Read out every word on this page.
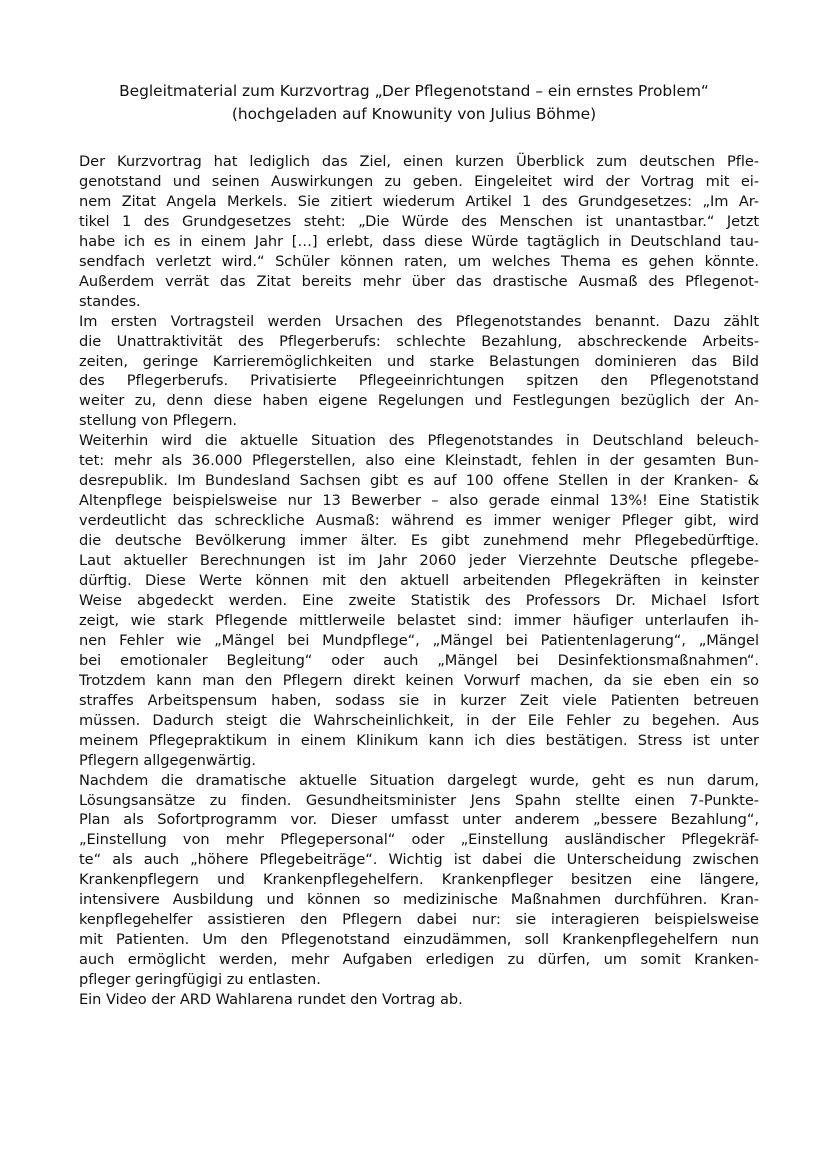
Begleitmaterial zum Kurzvortrag „Der Pflegenotstand – ein ernstes Problem“
(hochgeladen auf Knowunity von Julius Böhme)
Der Kurzvortrag hat lediglich das Ziel, einen kurzen Überblick zum deutschen Pfle-
genotstand und seinen Auswirkungen zu geben. Eingeleitet wird der Vortrag mit ei-
nem Zitat Angela Merkels. Sie zitiert wiederum Artikel 1 des Grundgesetzes: „Im Ar-
tikel 1 des Grundgesetzes steht: „Die Würde des Menschen ist unantastbar.“ Jetzt
habe ich es in einem Jahr […] erlebt, dass diese Würde tagtäglich in Deutschland tau-
sendfach verletzt wird.“ Schüler können raten, um welches Thema es gehen könnte.
Außerdem verrät das Zitat bereits mehr über das drastische Ausmaß des Pflegenot-
standes.
Im ersten Vortragsteil werden Ursachen des Pflegenotstandes benannt. Dazu zählt
die Unattraktivität des Pflegerberufs: schlechte Bezahlung, abschreckende Arbeits-
zeiten, geringe Karrieremöglichkeiten und starke Belastungen dominieren das Bild
des Pflegerberufs. Privatisierte Pflegeeinrichtungen spitzen den Pflegenotstand
weiter zu, denn diese haben eigene Regelungen und Festlegungen bezüglich der An-
stellung von Pflegern.
Weiterhin wird die aktuelle Situation des Pflegenotstandes in Deutschland beleuch-
tet: mehr als 36.000 Pflegerstellen, also eine Kleinstadt, fehlen in der gesamten Bun-
desrepublik. Im Bundesland Sachsen gibt es auf 100 offene Stellen in der Kranken- &
Altenpflege beispielsweise nur 13 Bewerber – also gerade einmal 13%! Eine Statistik
verdeutlicht das schreckliche Ausmaß: während es immer weniger Pfleger gibt, wird
die deutsche Bevölkerung immer älter. Es gibt zunehmend mehr Pflegebedürftige.
Laut aktueller Berechnungen ist im Jahr 2060 jeder Vierzehnte Deutsche pflegebe-
dürftig. Diese Werte können mit den aktuell arbeitenden Pflegekräften in keinster
Weise abgedeckt werden. Eine zweite Statistik des Professors Dr. Michael Isfort
zeigt, wie stark Pflegende mittlerweile belastet sind: immer häufiger unterlaufen ih-
nen Fehler wie „Mängel bei Mundpflege“, „Mängel bei Patientenlagerung“, „Mängel
bei emotionaler Begleitung“ oder auch „Mängel bei Desinfektionsmaßnahmen“.
Trotzdem kann man den Pflegern direkt keinen Vorwurf machen, da sie eben ein so
straffes Arbeitspensum haben, sodass sie in kurzer Zeit viele Patienten betreuen
müssen. Dadurch steigt die Wahrscheinlichkeit, in der Eile Fehler zu begehen. Aus
meinem Pflegepraktikum in einem Klinikum kann ich dies bestätigen. Stress ist unter
Pflegern allgegenwärtig.
Nachdem die dramatische aktuelle Situation dargelegt wurde, geht es nun darum,
Lösungsansätze zu finden. Gesundheitsminister Jens Spahn stellte einen 7-Punkte-
Plan als Sofortprogramm vor. Dieser umfasst unter anderem „bessere Bezahlung“,
„Einstellung von mehr Pflegepersonal“ oder „Einstellung ausländischer Pflegekräf-
te“ als auch „höhere Pflegebeiträge“. Wichtig ist dabei die Unterscheidung zwischen
Krankenpflegern und Krankenpflegehelfern. Krankenpfleger besitzen eine längere,
intensivere Ausbildung und können so medizinische Maßnahmen durchführen. Kran-
kenpflegehelfer assistieren den Pflegern dabei nur: sie interagieren beispielsweise
mit Patienten. Um den Pflegenotstand einzudämmen, soll Krankenpflegehelfern nun
auch ermöglicht werden, mehr Aufgaben erledigen zu dürfen, um somit Kranken-
pfleger geringfügigi zu entlasten.
Ein Video der ARD Wahlarena rundet den Vortrag ab.
